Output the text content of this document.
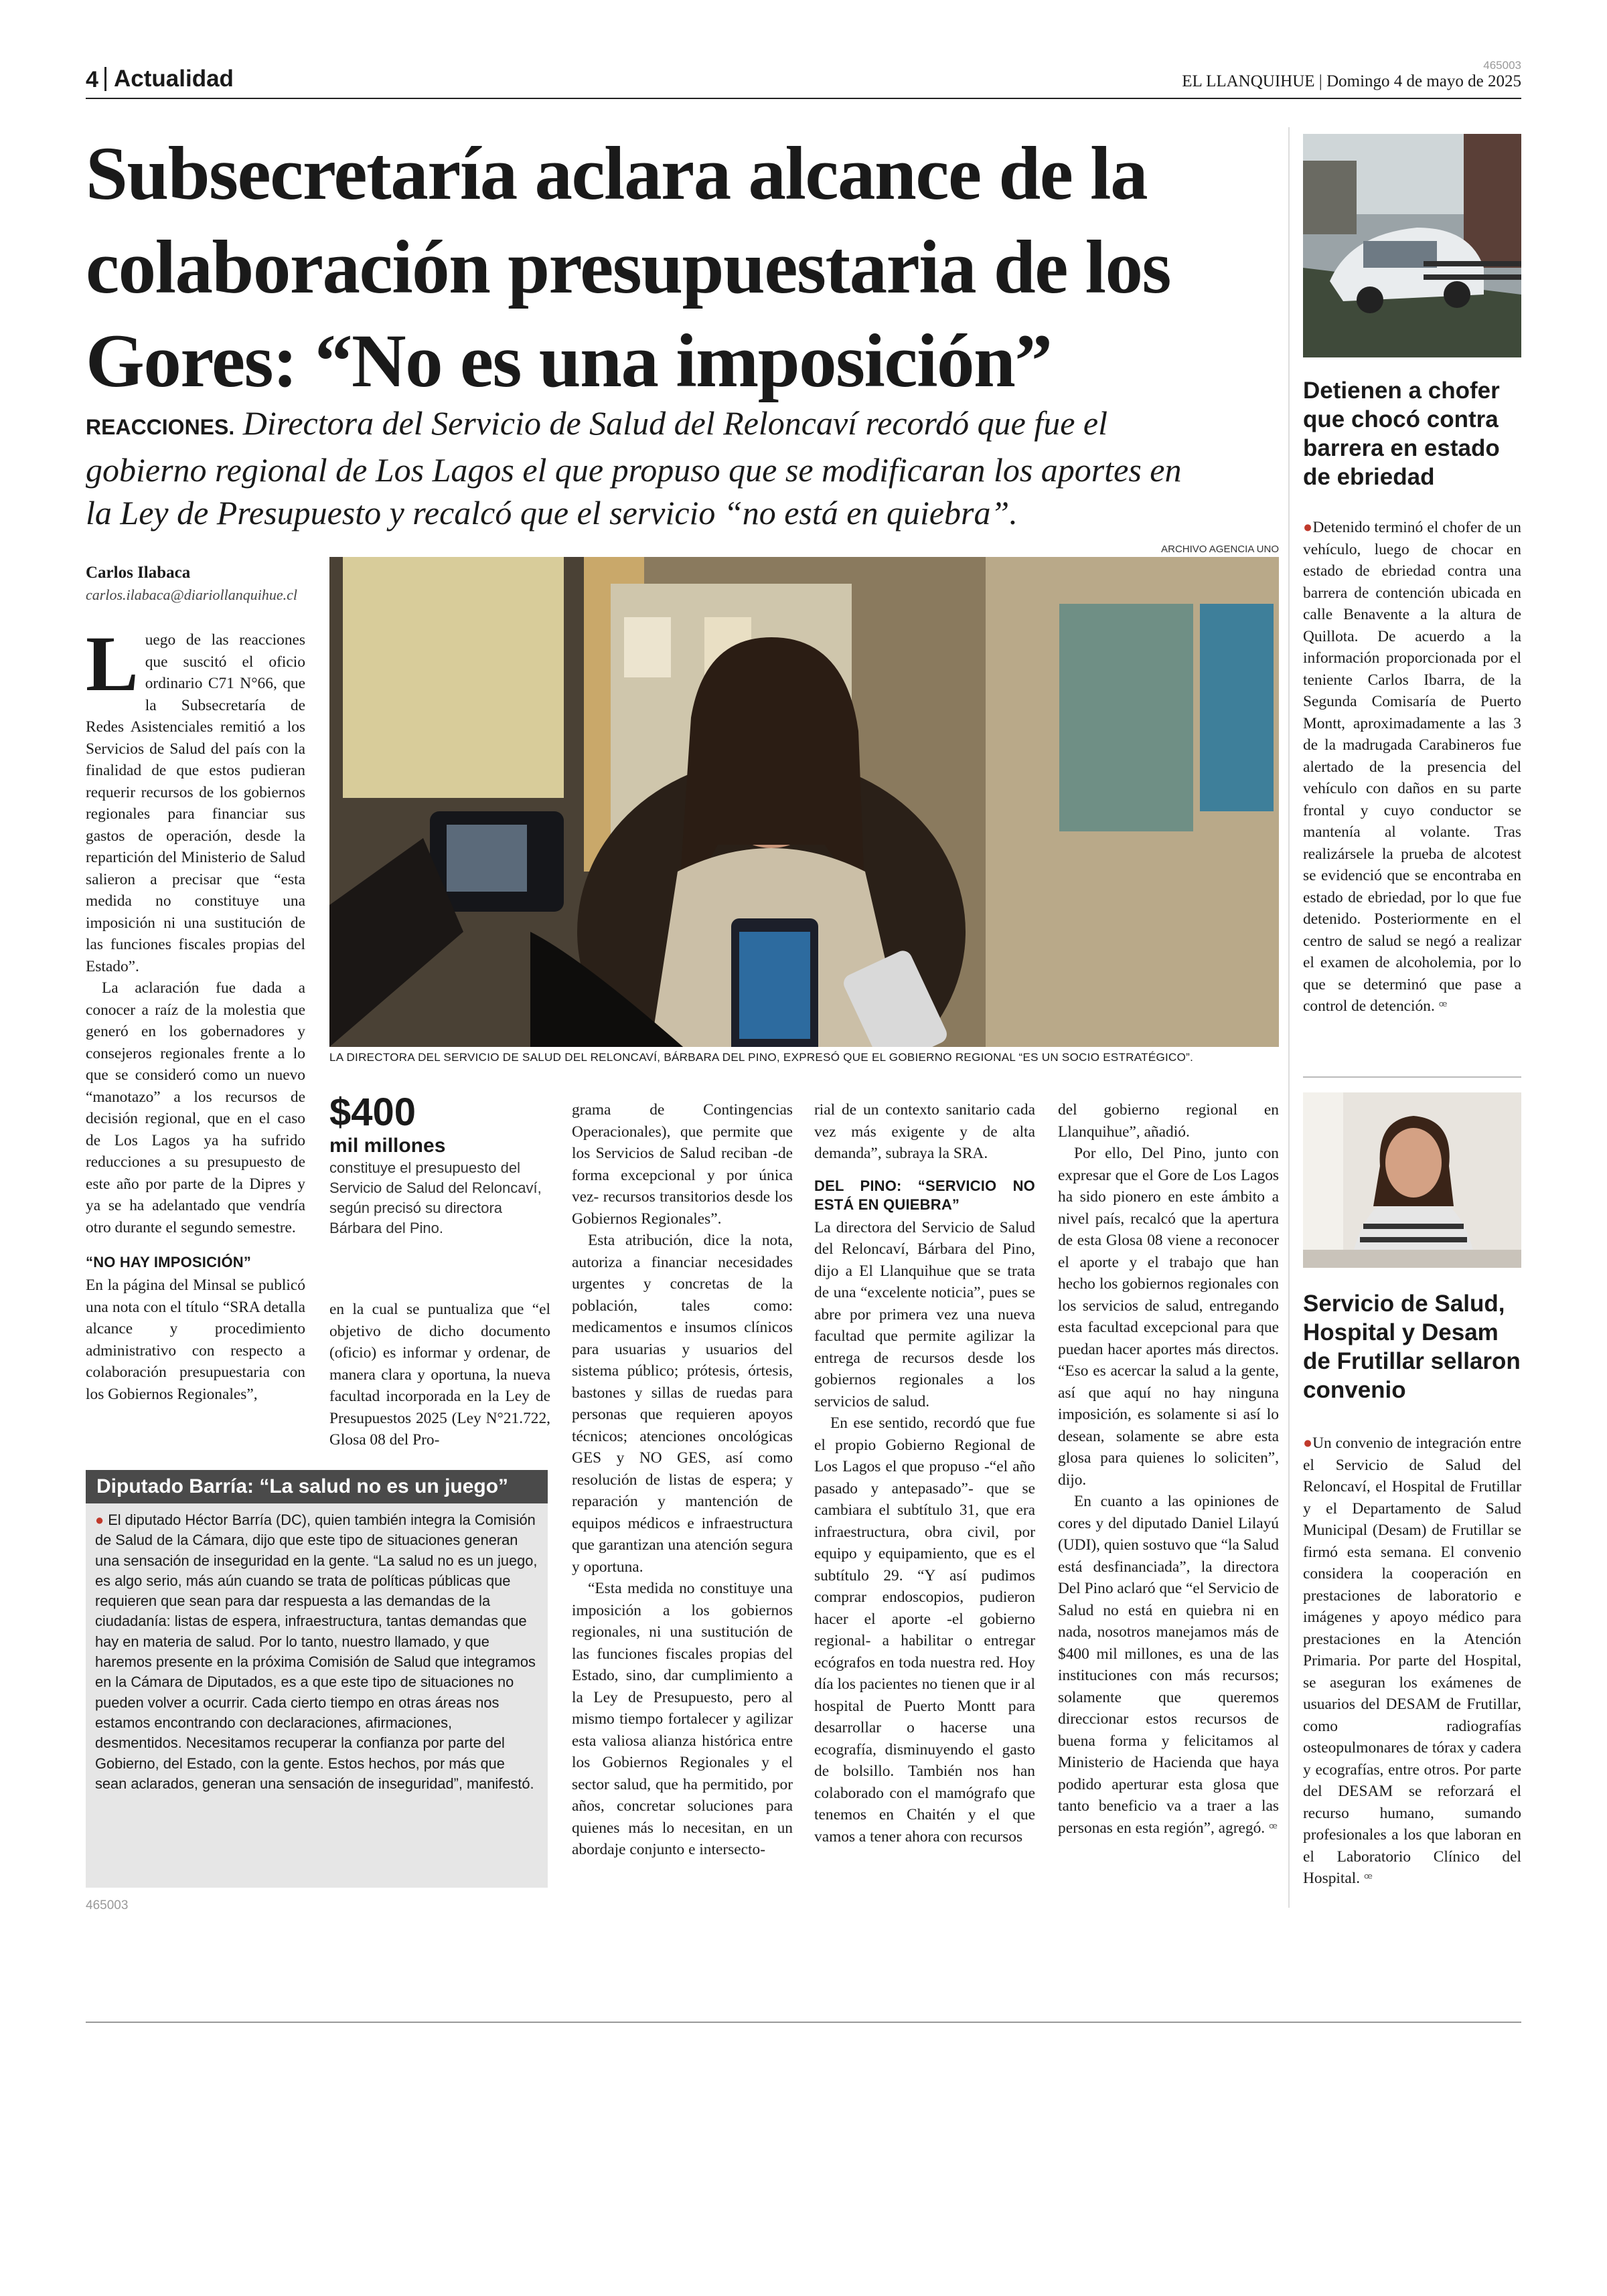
4 Actualidad
465003
EL LLANQUIHUE | Domingo 4 de mayo de 2025
Subsecretaría aclara alcance de la colaboración presupuestaria de los Gores: “No es una imposición”
REACCIONES. Directora del Servicio de Salud del Reloncaví recordó que fue el gobierno regional de Los Lagos el que propuso que se modificaran los aportes en la Ley de Presupuesto y recalcó que el servicio “no está en quiebra”.
Carlos Ilabaca
carlos.ilabaca@diariollanquihue.cl
ARCHIVO AGENCIA UNO
LA DIRECTORA DEL SERVICIO DE SALUD DEL RELONCAVÍ, BÁRBARA DEL PINO, EXPRESÓ QUE EL GOBIERNO REGIONAL “ES UN SOCIO ESTRATÉGICO”.

Luego de las reacciones que suscitó el oficio ordinario C71 N°66, que la Subsecretaría de Redes Asistenciales remitió a los Servicios de Salud del país con la finalidad de que estos pudieran requerir recursos de los gobiernos regionales para financiar sus gastos de operación, desde la repartición del Ministerio de Salud salieron a precisar que “esta medida no constituye una imposición ni una sustitución de las funciones fiscales propias del Estado”.

La aclaración fue dada a conocer a raíz de la molestia que generó en los gobernadores y consejeros regionales frente a lo que se consideró como un nuevo “manotazo” a los recursos de decisión regional, que en el caso de Los Lagos ya ha sufrido reducciones a su presupuesto de este año por parte de la Dipres y ya se ha adelantado que vendría otro durante el segundo semestre.

“NO HAY IMPOSICIÓN”

En la página del Minsal se publicó una nota con el título “SRA detalla alcance y procedimiento administrativo con respecto a colaboración presupuestaria con los Gobiernos Regionales”,

$400
mil millones
constituye el presupuesto del Servicio de Salud del Reloncaví, según precisó su directora Bárbara del Pino.

en la cual se puntualiza que “el objetivo de dicho documento (oficio) es informar y ordenar, de manera clara y oportuna, la nueva facultad incorporada en la Ley de Presupuestos 2025 (Ley N°21.722, Glosa 08 del Pro-

grama de Contingencias Operacionales), que permite que los Servicios de Salud reciban -de forma excepcional y por única vez- recursos transitorios desde los Gobiernos Regionales”.

Esta atribución, dice la nota, autoriza a financiar necesidades urgentes y concretas de la población, tales como: medicamentos e insumos clínicos para usuarias y usuarios del sistema público; prótesis, órtesis, bastones y sillas de ruedas para personas que requieren apoyos técnicos; atenciones oncológicas GES y NO GES, así como resolución de listas de espera; y reparación y mantención de equipos médicos e infraestructura que garantizan una atención segura y oportuna.

“Esta medida no constituye una imposición a los gobiernos regionales, ni una sustitución de las funciones fiscales propias del Estado, sino, dar cumplimiento a la Ley de Presupuesto, pero al mismo tiempo fortalecer y agilizar esta valiosa alianza histórica entre los Gobiernos Regionales y el sector salud, que ha permitido, por años, concretar soluciones para quienes más lo necesitan, en un abordaje conjunto e intersecto-

rial de un contexto sanitario cada vez más exigente y de alta demanda”, subraya la SRA.

DEL PINO: “SERVICIO NO ESTÁ EN QUIEBRA”

La directora del Servicio de Salud del Reloncaví, Bárbara del Pino, dijo a El Llanquihue que se trata de una “excelente noticia”, pues se abre por primera vez una nueva facultad que permite agilizar la entrega de recursos desde los gobiernos regionales a los servicios de salud.

En ese sentido, recordó que fue el propio Gobierno Regional de Los Lagos el que propuso -“el año pasado y antepasado”- que se cambiara el subtítulo 31, que era infraestructura, obra civil, por equipo y equipamiento, que es el subtítulo 29. “Y así pudimos comprar endoscopios, pudieron hacer el aporte -el gobierno regional- a habilitar o entregar ecógrafos en toda nuestra red. Hoy día los pacientes no tienen que ir al hospital de Puerto Montt para desarrollar o hacerse una ecografía, disminuyendo el gasto de bolsillo. También nos han colaborado con el mamógrafo que tenemos en Chaitén y el que vamos a tener ahora con recursos

del gobierno regional en Llanquihue”, añadió.

Por ello, Del Pino, junto con expresar que el Gore de Los Lagos ha sido pionero en este ámbito a nivel país, recalcó que la apertura de esta Glosa 08 viene a reconocer el aporte y el trabajo que han hecho los gobiernos regionales con los servicios de salud, entregando esta facultad excepcional para que puedan hacer aportes más directos. “Eso es acercar la salud a la gente, así que aquí no hay ninguna imposición, es solamente si así lo desean, solamente se abre esta glosa para quienes lo soliciten”, dijo.

En cuanto a las opiniones de cores y del diputado Daniel Lilayú (UDI), quien sostuvo que “la Salud está desfinanciada”, la directora Del Pino aclaró que “el Servicio de Salud no está en quiebra ni en nada, nosotros manejamos más de $400 mil millones, es una de las instituciones con más recursos; solamente que queremos direccionar estos recursos de buena forma y felicitamos al Ministerio de Hacienda que haya podido aperturar esta glosa que tanto beneficio va a traer a las personas en esta región”, agregó. ꟹ

Diputado Barría: “La salud no es un juego”
● El diputado Héctor Barría (DC), quien también integra la Comisión de Salud de la Cámara, dijo que este tipo de situaciones generan una sensación de inseguridad en la gente. “La salud no es un juego, es algo serio, más aún cuando se trata de políticas públicas que requieren que sean para dar respuesta a las demandas de la ciudadanía: listas de espera, infraestructura, tantas demandas que hay en materia de salud. Por lo tanto, nuestro llamado, y que haremos presente en la próxima Comisión de Salud que integramos en la Cámara de Diputados, es a que este tipo de situaciones no pueden volver a ocurrir. Cada cierto tiempo en otras áreas nos estamos encontrando con declaraciones, afirmaciones, desmentidos. Necesitamos recuperar la confianza por parte del Gobierno, del Estado, con la gente. Estos hechos, por más que sean aclarados, generan una sensación de inseguridad”, manifestó.
465003
Detienen a chofer que chocó contra barrera en estado de ebriedad

●Detenido terminó el chofer de un vehículo, luego de chocar en estado de ebriedad contra una barrera de contención ubicada en calle Benavente a la altura de Quillota. De acuerdo a la información proporcionada por el teniente Carlos Ibarra, de la Segunda Comisaría de Puerto Montt, aproximadamente a las 3 de la madrugada Carabineros fue alertado de la presencia del vehículo con daños en su parte frontal y cuyo conductor se mantenía al volante. Tras realizársele la prueba de alcotest se evidenció que se encontraba en estado de ebriedad, por lo que fue detenido. Posteriormente en el centro de salud se negó a realizar el examen de alcoholemia, por lo que se determinó que pase a control de detención. ꟹ

Servicio de Salud, Hospital y Desam de Frutillar sellaron convenio

●Un convenio de integración entre el Servicio de Salud del Reloncaví, el Hospital de Frutillar y el Departamento de Salud Municipal (Desam) de Frutillar se firmó esta semana. El convenio considera la cooperación en prestaciones de laboratorio e imágenes y apoyo médico para prestaciones en la Atención Primaria. Por parte del Hospital, se aseguran los exámenes de usuarios del DESAM de Frutillar, como radiografías osteopulmonares de tórax y cadera y ecografías, entre otros. Por parte del DESAM se reforzará el recurso humano, sumando profesionales a los que laboran en el Laboratorio Clínico del Hospital. ꟹ
